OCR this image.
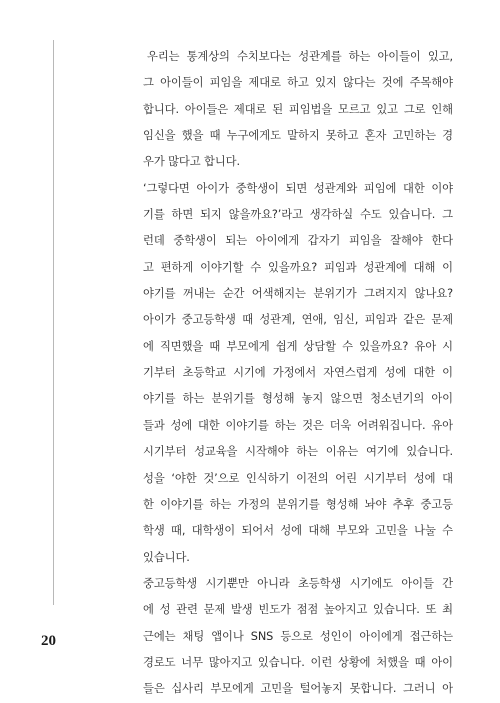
우리는 통계상의 수치보다는 성관계를 하는 아이들이 있고,
그 아이들이 피임을 제대로 하고 있지 않다는 것에 주목해야
합니다. 아이들은 제대로 된 피임법을 모르고 있고 그로 인해
임신을 했을 때 누구에게도 말하지 못하고 혼자 고민하는 경
우가 많다고 합니다.
‘그렇다면 아이가 중학생이 되면 성관계와 피임에 대한 이야
기를 하면 되지 않을까요?’라고 생각하실 수도 있습니다. 그
런데 중학생이 되는 아이에게 갑자기 피임을 잘해야 한다
고 편하게 이야기할 수 있을까요? 피임과 성관계에 대해 이
야기를 꺼내는 순간 어색해지는 분위기가 그려지지 않나요?
아이가 중고등학생 때 성관계, 연애, 임신, 피임과 같은 문제
에 직면했을 때 부모에게 쉽게 상담할 수 있을까요? 유아 시
기부터 초등학교 시기에 가정에서 자연스럽게 성에 대한 이
야기를 하는 분위기를 형성해 놓지 않으면 청소년기의 아이
들과 성에 대한 이야기를 하는 것은 더욱 어려워집니다. 유아
시기부터 성교육을 시작해야 하는 이유는 여기에 있습니다.
성을 ‘야한 것’으로 인식하기 이전의 어린 시기부터 성에 대
한 이야기를 하는 가정의 분위기를 형성해 놔야 추후 중고등
학생 때, 대학생이 되어서 성에 대해 부모와 고민을 나눌 수
있습니다.
중고등학생 시기뿐만 아니라 초등학생 시기에도 아이들 간
에 성 관련 문제 발생 빈도가 점점 높아지고 있습니다. 또 최
근에는 채팅 앱이나 SNS 등으로 성인이 아이에게 접근하는
경로도 너무 많아지고 있습니다. 이런 상황에 처했을 때 아이
들은 십사리 부모에게 고민을 털어놓지 못합니다. 그러니 아
20
